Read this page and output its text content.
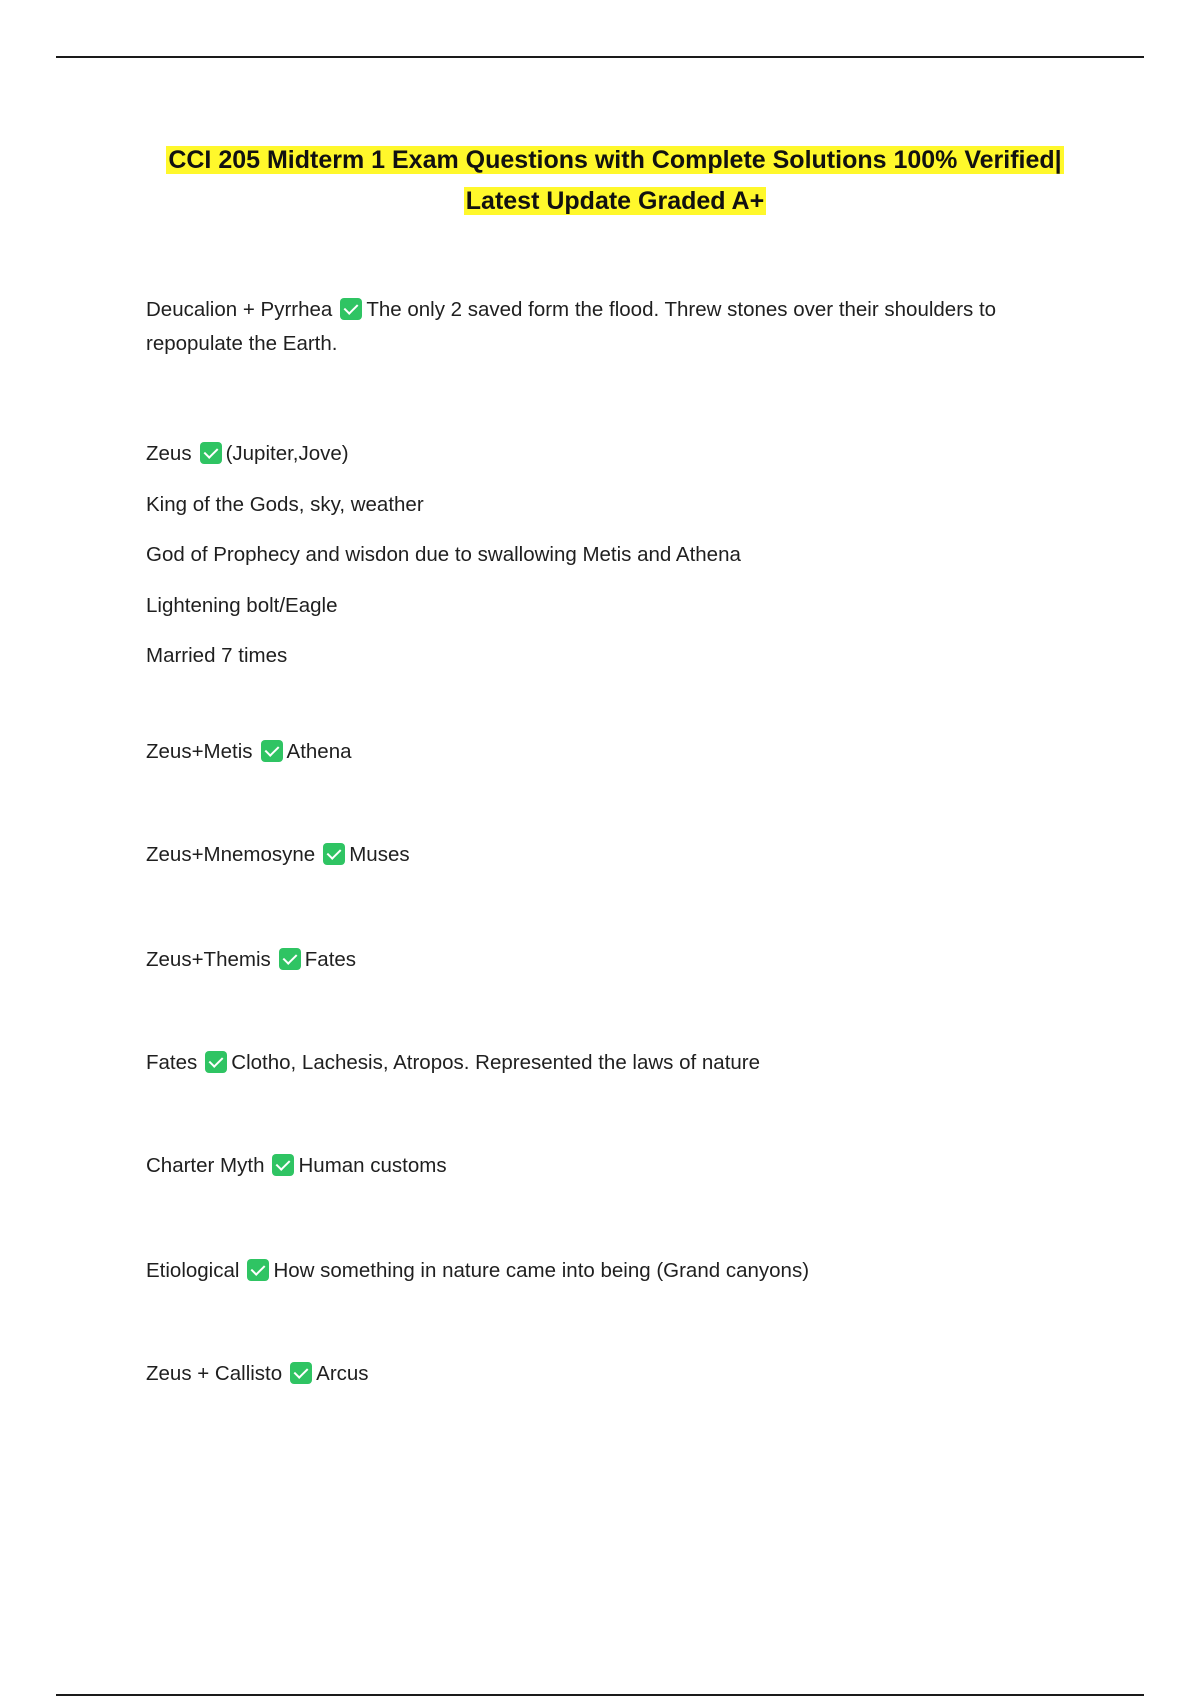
CCI 205 Midterm 1 Exam Questions with Complete Solutions 100% Verified|
Latest Update Graded A+
Deucalion + Pyrrhea The only 2 saved form the flood. Threw stones over their shoulders to
repopulate the Earth.
Zeus (Jupiter,Jove)
King of the Gods, sky, weather
God of Prophecy and wisdon due to swallowing Metis and Athena
Lightening bolt/Eagle
Married 7 times
Zeus+Metis Athena
Zeus+Mnemosyne Muses
Zeus+Themis Fates
Fates Clotho, Lachesis, Atropos. Represented the laws of nature
Charter Myth Human customs
Etiological How something in nature came into being (Grand canyons)
Zeus + Callisto Arcus
